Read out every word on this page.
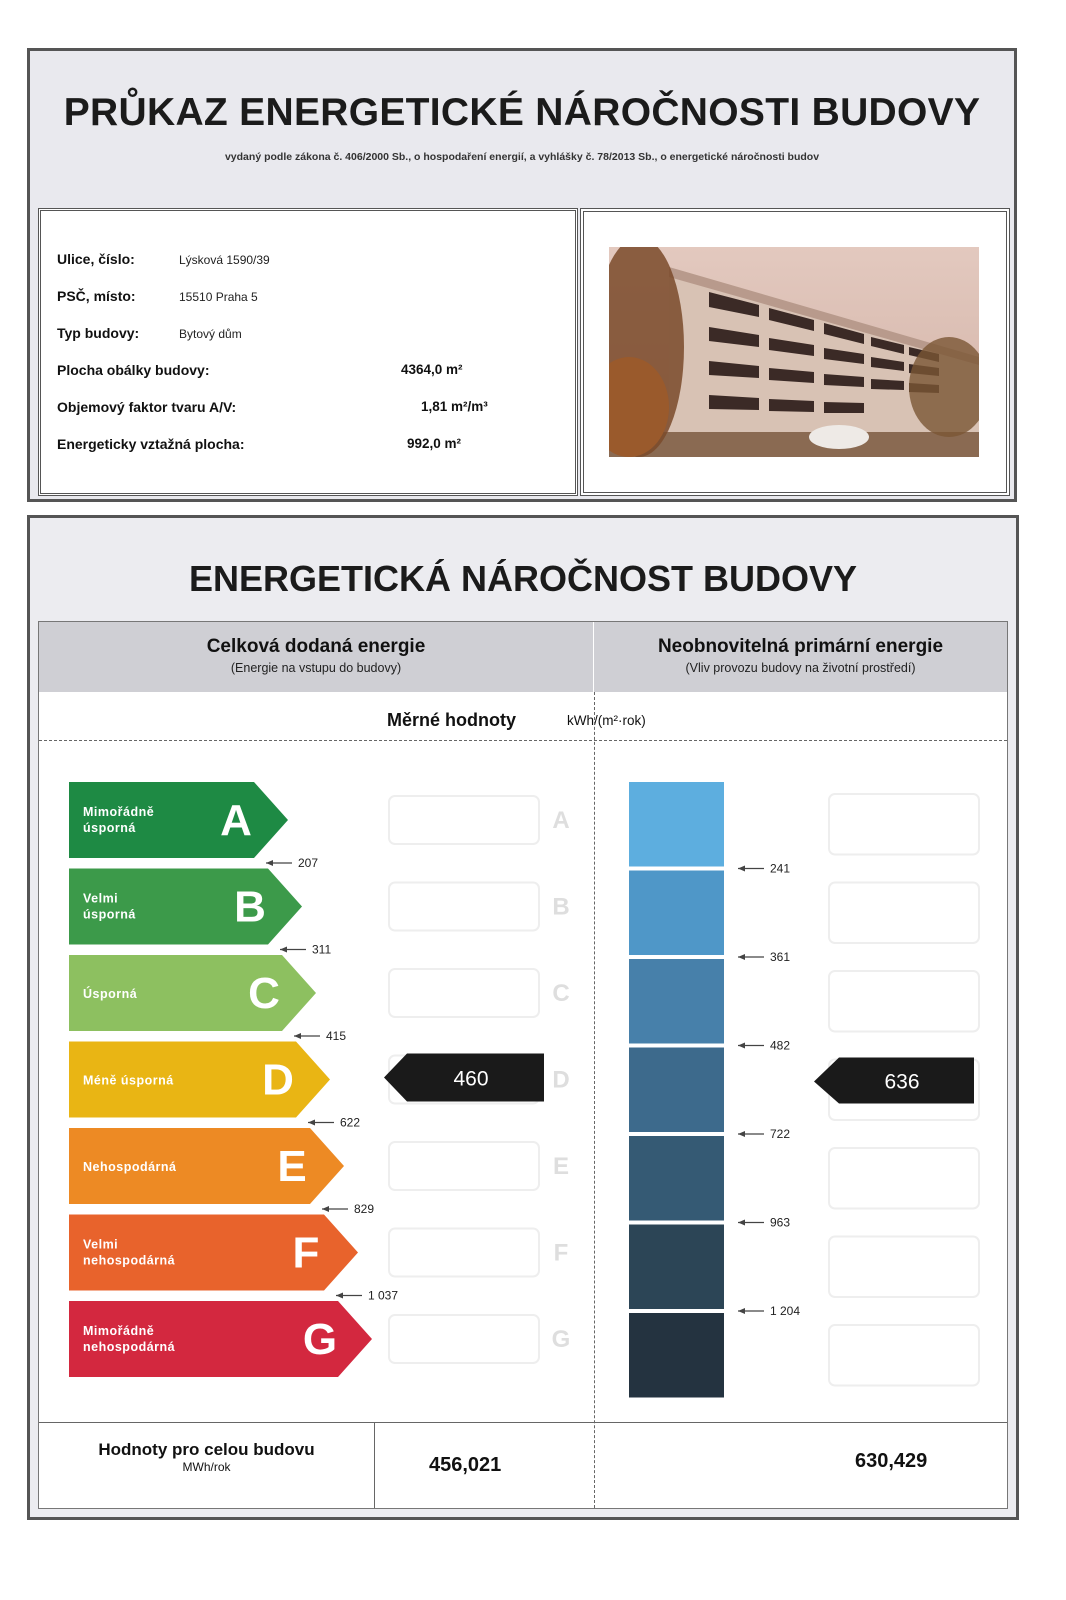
PRŮKAZ ENERGETICKÉ NÁROČNOSTI BUDOVY
vydaný podle zákona č. 406/2000 Sb., o hospodaření energií, a vyhlášky č. 78/2013 Sb., o energetické náročnosti budov
Ulice, číslo:	Lýsková 1590/39
PSČ, místo:	15510 Praha 5
Typ budovy:	Bytový dům
Plocha obálky budovy:	4364,0 m²
Objemový faktor tvaru A/V:	1,81 m²/m³
Energeticky vztažná plocha:	992,0 m²
ENERGETICKÁ NÁROČNOST BUDOVY
Celková dodaná energie
(Energie na vstupu do budovy)
Neobnovitelná primární energie
(Vliv provozu budovy na životní prostředí)
Měrné hodnoty	kWh/(m²·rok)
Mimořádně
úsporná A	A
207
Velmi
úsporná B	B
311
Úsporná	C	C
415
Méně úsporná D	D
622
Nehospodárná E	E
829
Velmi
nehospodárná	F	F
1 037
Mimořádně
nehospodárná	G	G
460
241
361
482
722
963
1 204
636
Hodnoty pro celou budovu
MWh/rok	456,021	630,429
